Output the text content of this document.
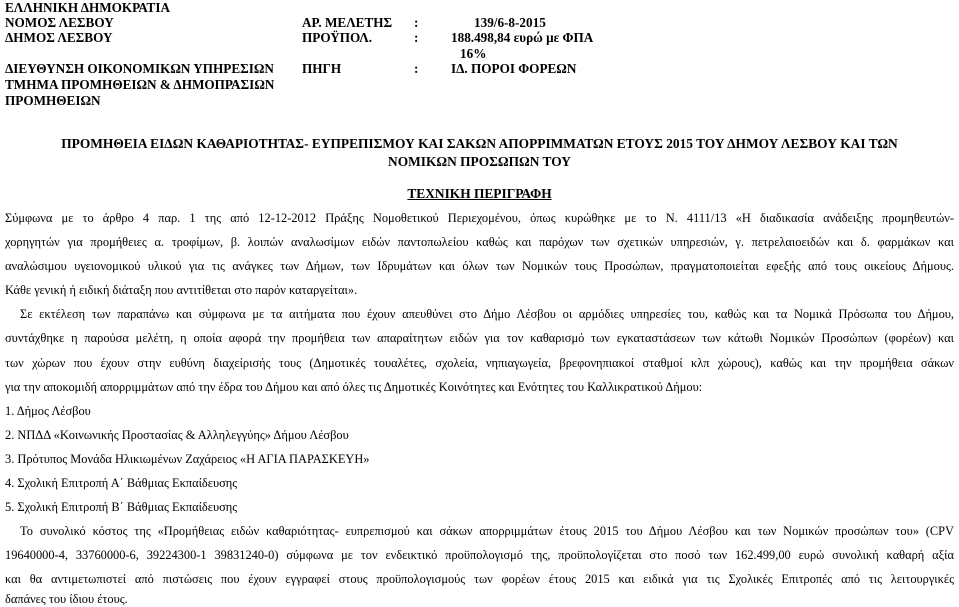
ΕΛΛΗΝΙΚΗ ΔΗΜΟΚΡΑΤΙΑ
ΝΟΜΟΣ ΛΕΣΒΟΥ
ΔΗΜΟΣ ΛΕΣΒΟΥ
ΔΙΕΥΘΥΝΣΗ ΟΙΚΟΝΟΜΙΚΩΝ ΥΠΗΡΕΣΙΩΝ
ΤΜΗΜΑ ΠΡΟΜΗΘΕΙΩΝ & ΔΗΜΟΠΡΑΣΙΩΝ
ΠΡΟΜΗΘΕΙΩΝ
ΑΡ. ΜΕΛΕΤΗΣ :	139/6-8-2015
ΠΡΟΫΠΟΛ.	: 188.498,84 ευρώ με ΦΠΑ
16%
ΠΗΓΗ	: ΙΔ. ΠΟΡΟΙ ΦΟΡΕΩΝ
ΠΡΟΜΗΘΕΙΑ ΕΙΔΩΝ ΚΑΘΑΡΙΟΤΗΤΑΣ- ΕΥΠΡΕΠΙΣΜΟΥ ΚΑΙ ΣΑΚΩΝ ΑΠΟΡΡΙΜΜΑΤΩΝ ΕΤΟΥΣ 2015 ΤΟΥ ΔΗΜΟΥ ΛΕΣΒΟΥ ΚΑΙ ΤΩΝ
ΝΟΜΙΚΩΝ ΠΡΟΣΩΠΩΝ ΤΟΥ
ΤΕΧΝΙΚΗ ΠΕΡΙΓΡΑΦΗ
Σύμφωνα με το άρθρο 4 παρ. 1 της από 12-12-2012 Πράξης Νομοθετικού Περιεχομένου, όπως κυρώθηκε με το Ν. 4111/13 «Η διαδικασία ανάδειξης προμηθευτών-
χορηγητών για προμήθειες α. τροφίμων, β. λοιπών αναλωσίμων ειδών παντοπωλείου καθώς και παρόχων των σχετικών υπηρεσιών, γ. πετρελαιοειδών και δ. φαρμάκων και
αναλώσιμου υγειονομικού υλικού για τις ανάγκες των Δήμων, των Ιδρυμάτων και όλων των Νομικών τους Προσώπων, πραγματοποιείται εφεξής από τους οικείους Δήμους.
Κάθε γενική ή ειδική διάταξη που αντιτίθεται στο παρόν καταργείται».
Σε εκτέλεση των παραπάνω και σύμφωνα με τα αιτήματα που έχουν απευθύνει στο Δήμο Λέσβου οι αρμόδιες υπηρεσίες του, καθώς και τα Νομικά Πρόσωπα του Δήμου,
συντάχθηκε η παρούσα μελέτη, η οποία αφορά την προμήθεια των απαραίτητων ειδών για τον καθαρισμό των εγκαταστάσεων των κάτωθι Νομικών Προσώπων (φορέων) και
των χώρων που έχουν στην ευθύνη διαχείρισής τους (Δημοτικές τουαλέτες, σχολεία, νηπιαγωγεία, βρεφονηπιακοί σταθμοί κλπ χώρους), καθώς και την προμήθεια σάκων
για την αποκομιδή απορριμμάτων από την έδρα του Δήμου και από όλες τις Δημοτικές Κοινότητες και Ενότητες του Καλλικρατικού Δήμου:
1. Δήμος Λέσβου
2. ΝΠΔΔ «Κοινωνικής Προστασίας & Αλληλεγγύης» Δήμου Λέσβου
3. Πρότυπος Μονάδα Ηλικιωμένων Ζαχάρειος «Η ΑΓΙΑ ΠΑΡΑΣΚΕΥΗ»
4. Σχολική Επιτροπή Α΄ Βάθμιας Εκπαίδευσης
5. Σχολική Επιτροπή Β΄ Βάθμιας Εκπαίδευσης
Το συνολικό κόστος της «Προμήθειας ειδών καθαριότητας- ευπρεπισμού και σάκων απορριμμάτων έτους 2015 του Δήμου Λέσβου και των Νομικών προσώπων του» (CPV
19640000-4, 33760000-6, 39224300-1 39831240-0) σύμφωνα με τον ενδεικτικό προϋπολογισμό της, προϋπολογίζεται στο ποσό των 162.499,00 ευρώ συνολική καθαρή αξία
και θα αντιμετωπιστεί από πιστώσεις που έχουν εγγραφεί στους προϋπολογισμούς των φορέων έτους 2015 και ειδικά για τις Σχολικές Επιτροπές από τις λειτουργικές
δαπάνες του ίδιου έτους.
